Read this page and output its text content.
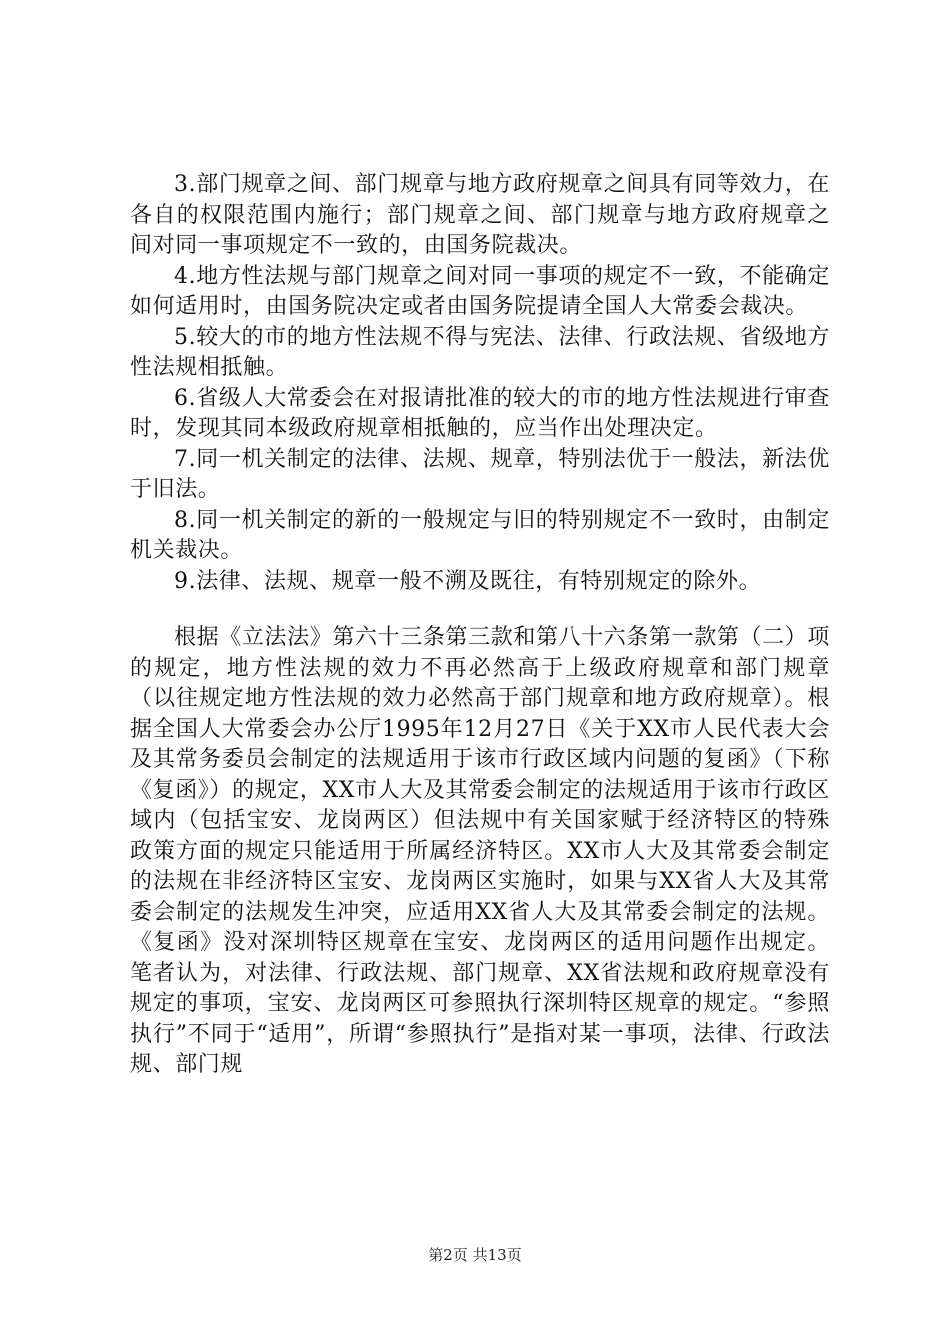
3.部门规章之间、部门规章与地方政府规章之间具有同等效力，在各自的权限范围内施行；部门规章之间、部门规章与地方政府规章之间对同一事项规定不一致的，由国务院裁决。

4.地方性法规与部门规章之间对同一事项的规定不一致，不能确定如何适用时，由国务院决定或者由国务院提请全国人大常委会裁决。

5.较大的市的地方性法规不得与宪法、法律、行政法规、省级地方性法规相抵触。

6.省级人大常委会在对报请批准的较大的市的地方性法规进行审查时，发现其同本级政府规章相抵触的，应当作出处理决定。

7.同一机关制定的法律、法规、规章，特别法优于一般法，新法优于旧法。

8.同一机关制定的新的一般规定与旧的特别规定不一致时，由制定机关裁决。

9.法律、法规、规章一般不溯及既往，有特别规定的除外。

根据《立法法》第六十三条第三款和第八十六条第一款第（二）项的规定，地方性法规的效力不再必然高于上级政府规章和部门规章（以往规定地方性法规的效力必然高于部门规章和地方政府规章）。根据全国人大常委会办公厅1995年12月27日《关于XX市人民代表大会及其常务委员会制定的法规适用于该市行政区域内问题的复函》（下称《复函》）的规定，XX市人大及其常委会制定的法规适用于该市行政区域内（包括宝安、龙岗两区）但法规中有关国家赋于经济特区的特殊政策方面的规定只能适用于所属经济特区。XX市人大及其常委会制定的法规在非经济特区宝安、龙岗两区实施时，如果与XX省人大及其常委会制定的法规发生冲突，应适用XX省人大及其常委会制定的法规。《复函》没对深圳特区规章在宝安、龙岗两区的适用问题作出规定。笔者认为，对法律、行政法规、部门规章、XX省法规和政府规章没有规定的事项，宝安、龙岗两区可参照执行深圳特区规章的规定。“参照执行”不同于“适用”，所谓“参照执行”是指对某一事项，法律、行政法规、部门规

第2页 共13页
